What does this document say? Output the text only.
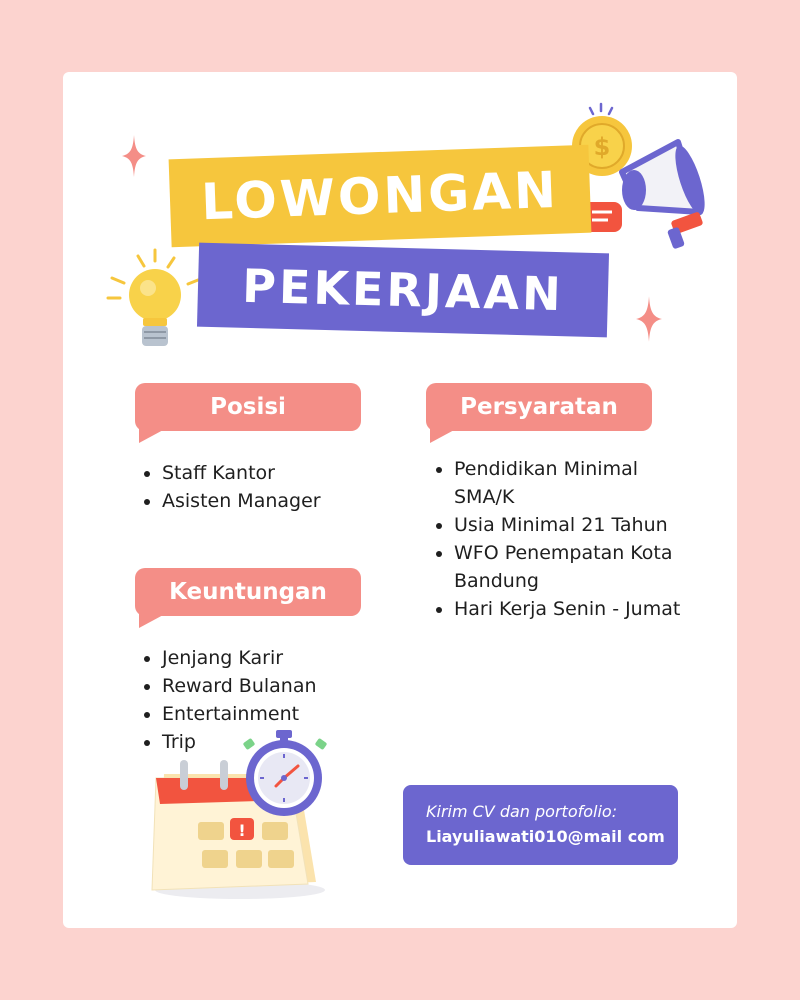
$
LOWONGAN
PEKERJAAN
Posisi	Persyaratan
Keuntungan
Staff Kantor
Asisten Manager
Pendidikan Minimal SMA/K
Usia Minimal 21 Tahun
WFO Penempatan Kota Bandung
Hari Kerja Senin - Jumat
Jenjang Karir
Reward Bulanan
Entertainment
Trip
!
Kirim CV dan portofolio:
Liayuliawati010@mail com
